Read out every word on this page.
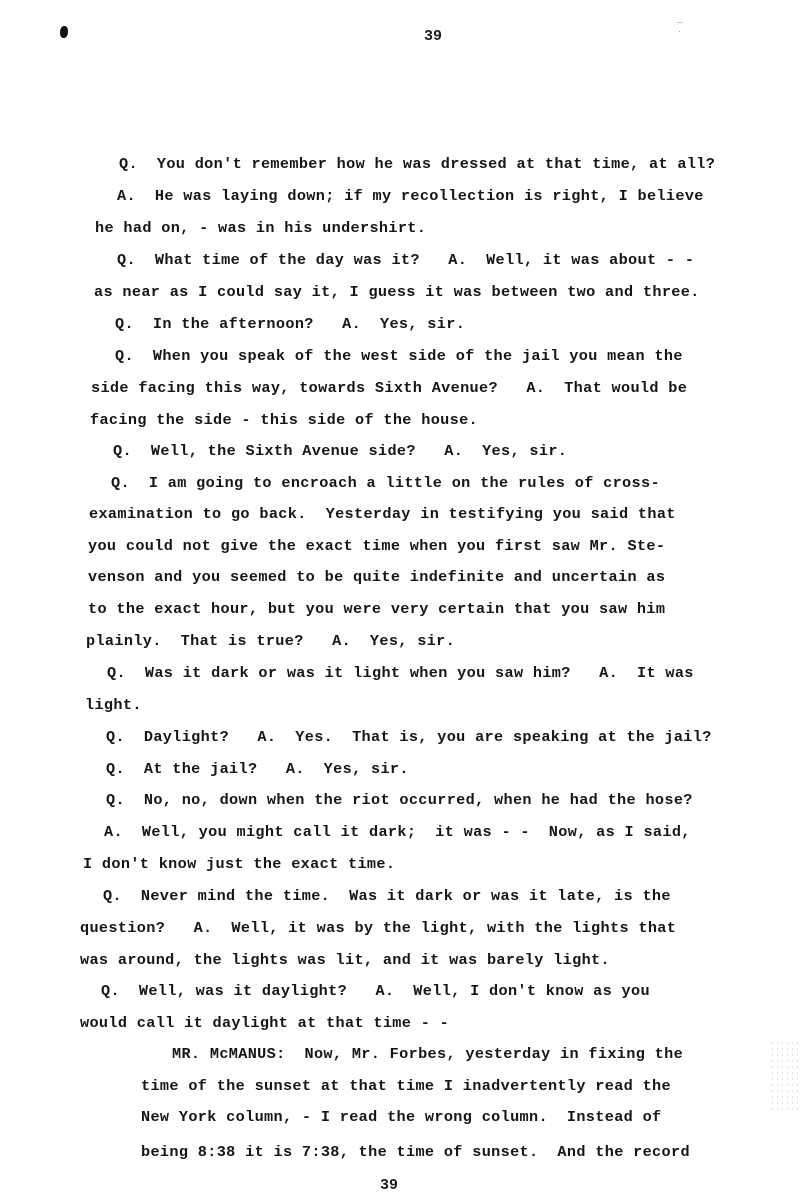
¯
˙
39
Q.  You don't remember how he was dressed at that time, at all?
A.  He was laying down; if my recollection is right, I believe
he had on, - was in his undershirt.
Q.  What time of the day was it?   A.  Well, it was about - -
as near as I could say it, I guess it was between two and three.
Q.  In the afternoon?   A.  Yes, sir.
Q.  When you speak of the west side of the jail you mean the
side facing this way, towards Sixth Avenue?   A.  That would be
facing the side - this side of the house.
Q.  Well, the Sixth Avenue side?   A.  Yes, sir.
Q.  I am going to encroach a little on the rules of cross-
examination to go back.  Yesterday in testifying you said that
you could not give the exact time when you first saw Mr. Ste-
venson and you seemed to be quite indefinite and uncertain as
to the exact hour, but you were very certain that you saw him
plainly.  That is true?   A.  Yes, sir.
Q.  Was it dark or was it light when you saw him?   A.  It was
light.
Q.  Daylight?   A.  Yes.  That is, you are speaking at the jail?
Q.  At the jail?   A.  Yes, sir.
Q.  No, no, down when the riot occurred, when he had the hose?
A.  Well, you might call it dark;  it was - -  Now, as I said,
I don't know just the exact time.
Q.  Never mind the time.  Was it dark or was it late, is the
question?   A.  Well, it was by the light, with the lights that
was around, the lights was lit, and it was barely light.
Q.  Well, was it daylight?   A.  Well, I don't know as you
would call it daylight at that time - -
MR. McMANUS:  Now, Mr. Forbes, yesterday in fixing the
time of the sunset at that time I inadvertently read the
New York column, - I read the wrong column.  Instead of
being 8:38 it is 7:38, the time of sunset.  And the record
39
